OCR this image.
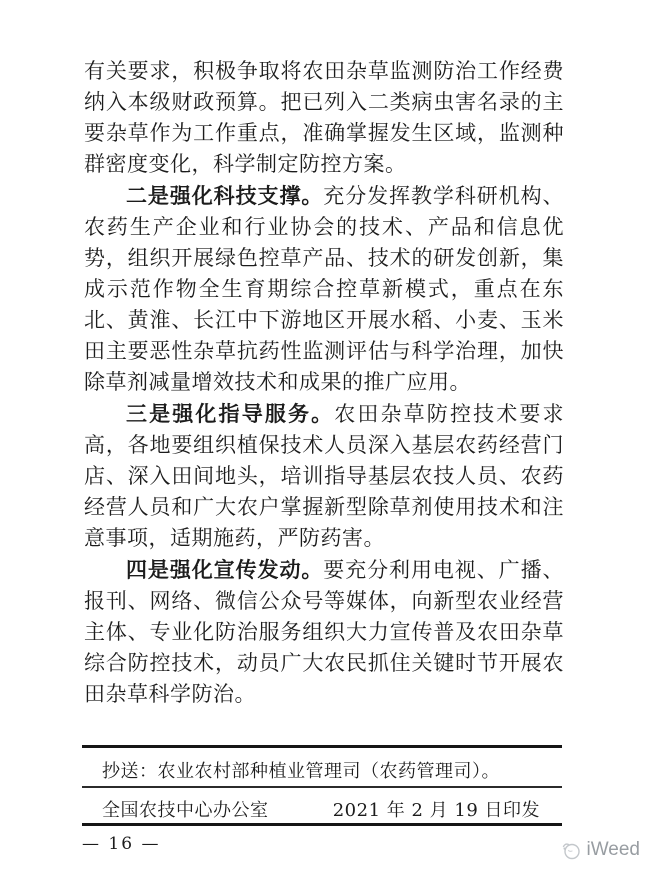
有关要求，积极争取将农田杂草监测防治工作经费纳入本级财政预算。把已列入二类病虫害名录的主要杂草作为工作重点，准确掌握发生区域，监测种群密度变化，科学制定防控方案。

二是强化科技支撑。充分发挥教学科研机构、农药生产企业和行业协会的技术、产品和信息优势，组织开展绿色控草产品、技术的研发创新，集成示范作物全生育期综合控草新模式，重点在东北、黄淮、长江中下游地区开展水稻、小麦、玉米田主要恶性杂草抗药性监测评估与科学治理，加快除草剂减量增效技术和成果的推广应用。

三是强化指导服务。农田杂草防控技术要求高，各地要组织植保技术人员深入基层农药经营门店、深入田间地头，培训指导基层农技人员、农药经营人员和广大农户掌握新型除草剂使用技术和注意事项，适期施药，严防药害。

四是强化宣传发动。要充分利用电视、广播、报刊、网络、微信公众号等媒体，向新型农业经营主体、专业化防治服务组织大力宣传普及农田杂草综合防控技术，动员广大农民抓住关键时节开展农田杂草科学防治。

抄送：农业农村部种植业管理司（农药管理司）。
全国农技中心办公室	2021 年 2 月 19 日印发
— 16 —	iWeed
